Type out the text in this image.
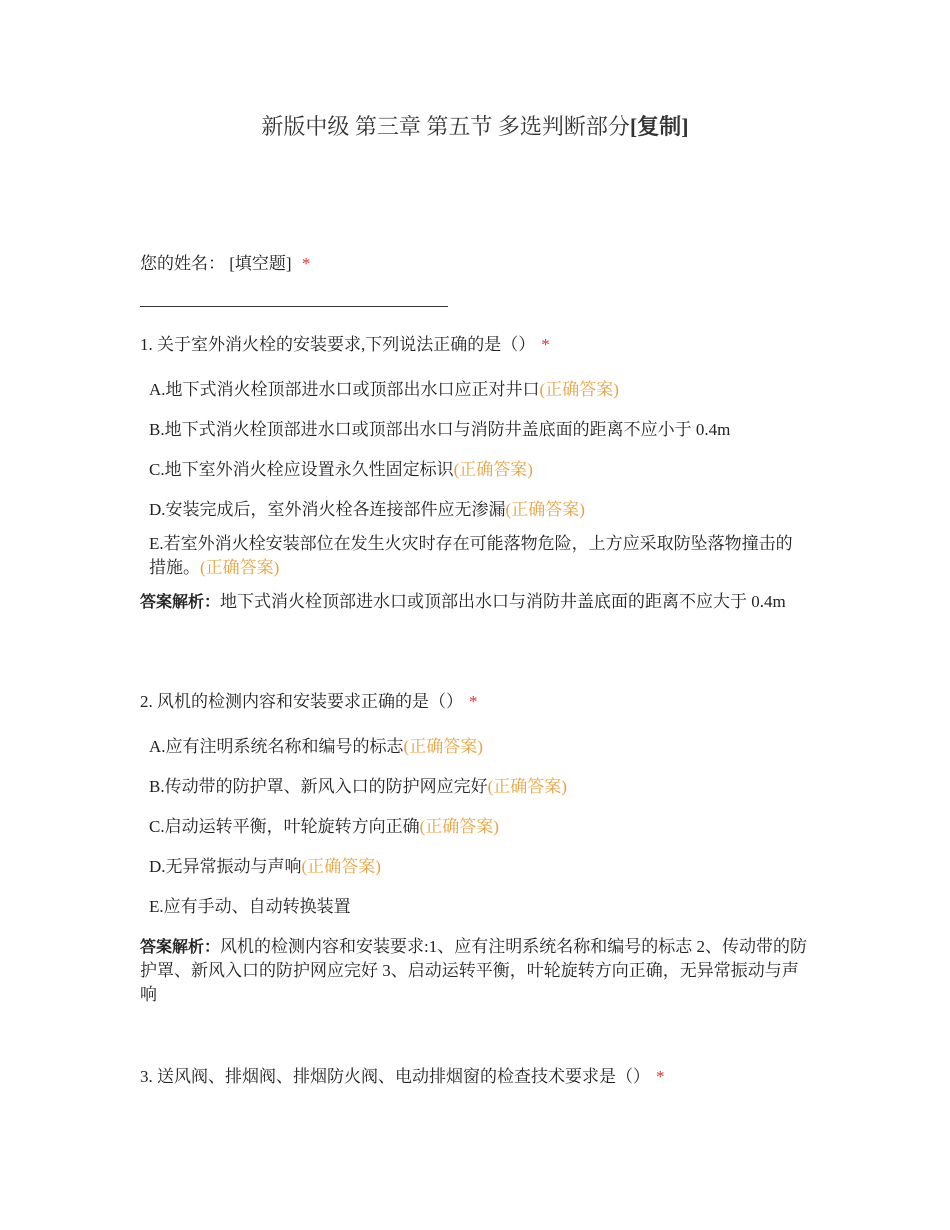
新版中级 第三章 第五节 多选判断部分[复制]
您的姓名： [填空题] *
1. 关于室外消火栓的安装要求,下列说法正确的是（） *
A.地下式消火栓顶部进水口或顶部出水口应正对井口(正确答案)
B.地下式消火栓顶部进水口或顶部出水口与消防井盖底面的距离不应小于 0.4m
C.地下室外消火栓应设置永久性固定标识(正确答案)
D.安装完成后，室外消火栓各连接部件应无渗漏(正确答案)
E.若室外消火栓安装部位在发生火灾时存在可能落物危险，上方应采取防坠落物撞击的措施。(正确答案)
答案解析：地下式消火栓顶部进水口或顶部出水口与消防井盖底面的距离不应大于 0.4m
2. 风机的检测内容和安装要求正确的是（） *
A.应有注明系统名称和编号的标志(正确答案)
B.传动带的防护罩、新风入口的防护网应完好(正确答案)
C.启动运转平衡，叶轮旋转方向正确(正确答案)
D.无异常振动与声响(正确答案)
E.应有手动、自动转换装置
答案解析：风机的检测内容和安装要求:1、应有注明系统名称和编号的标志 2、传动带的防护罩、新风入口的防护网应完好 3、启动运转平衡，叶轮旋转方向正确，无异常振动与声响
3. 送风阀、排烟阀、排烟防火阀、电动排烟窗的检查技术要求是（） *
